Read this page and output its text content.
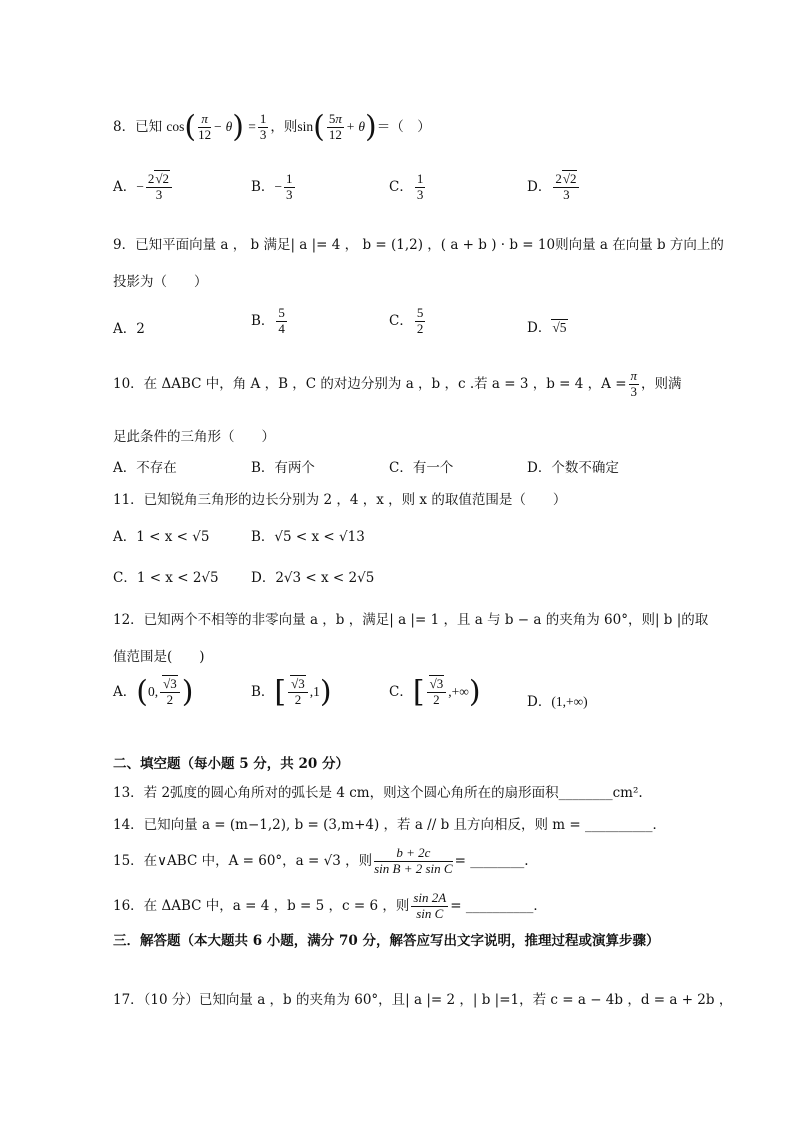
8．已知 $\cos( \frac{\pi}{12} - \theta) = \frac{1}{3}$ ，则$\sin( \frac{5\pi}{12} + \theta)=$（　）
A．− $\frac{2√2}{3}$	B．− $\frac{1}{3}$	C． $\frac{1}{3}$	D． $\frac{2√2}{3}$
9．已知平面向量 a ， b 满足| a |= 4 ， b = (1,2) ，( a + b ) · b = 10则向量 a 在向量 b 方向上的
投影为（　　）
A．2
B． $\frac{5}{4}$	C． $\frac{5}{2}$	D．√5
10．在 ΔABC 中，角 A ，B ，C 的对边分别为 a ，b ，c .若 a = 3 ，b = 4 ，$A = \frac{\pi}{3}$ ，则满
足此条件的三角形（　　）
A．不存在	B．有两个	C．有一个	D．个数不确定
11．已知锐角三角形的边长分别为 2 ，4 ，x ，则 x 的取值范围是（　　）
A．1 < x < √5	B．√5 < x < √13
C．1 < x < 2√5 D．2√3 < x < 2√5
12．已知两个不相等的非零向量 a ，b ，满足| a |= 1 ，且 a 与 b − a 的夹角为 60°，则| b |的取
值范围是(　　)
A．(0, $\frac{√3}{2}$ )	B．[ $\frac{√3}{2} ,1$)	C．[ $\frac{√3}{2}$ ,+∞)	D．(1,+∞)
二、填空题（每小题 5 分，共 20 分）
13．若 2弧度的圆心角所对的弧长是 4 cm，则这个圆心角所在的扇形面积________cm².
14．已知向量 a = (m−1,2), b = (3,m+4) ，若 a // b 且方向相反，则 m = __________．
15．在∨ABC 中，A = 60°，a = √3 ，则 $\frac{b + 2c}{\text{sin B + 2 sin C}}$ = ________.
16．在 ΔABC 中，a = 4 ，b = 5 ，c = 6 ，则 $\frac{\sin 2A}{\text{sin C}}$ = __________．
三．解答题（本大题共 6 小题，满分 70 分，解答应写出文字说明，推理过程或演算步骤）
17．（10 分）已知向量 a ，b 的夹角为 60°，且| a |= 2 ，| b |=1，若 c = a − 4b ，d = a + 2b ，
